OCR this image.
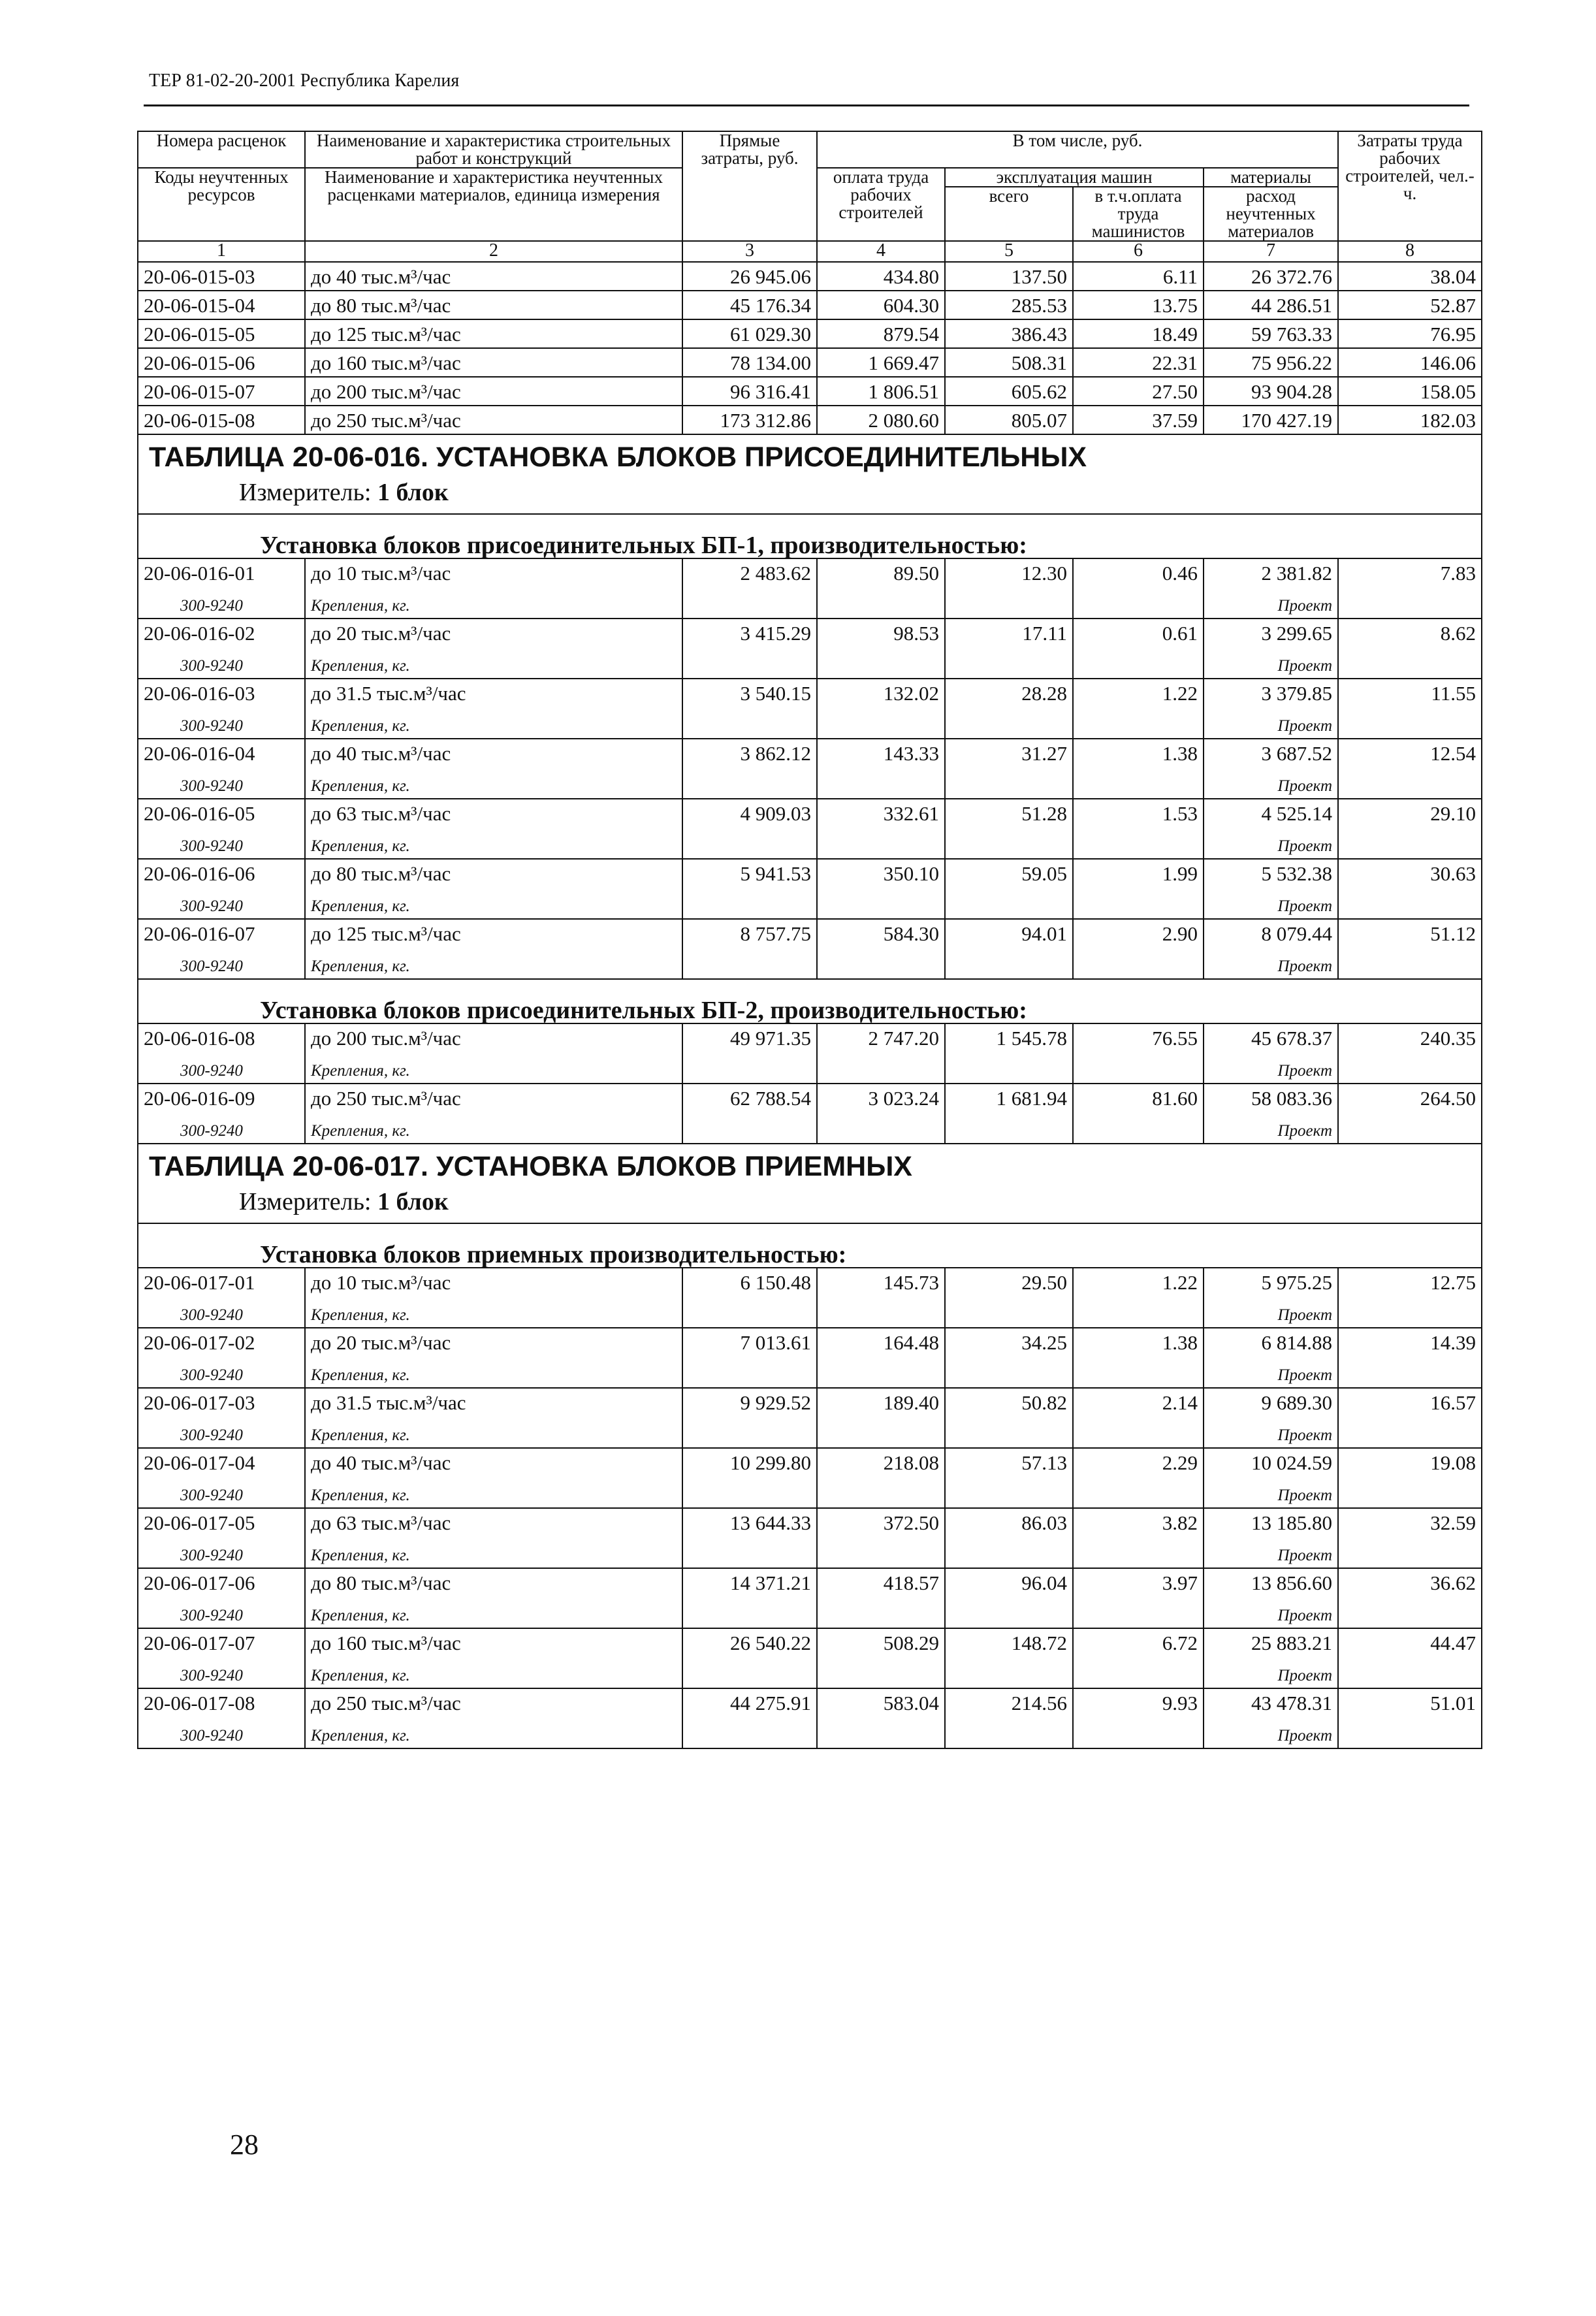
ТЕР 81-02-20-2001 Республика Карелия
Номера расценок	Наименование и характеристика строительных работ и конструкций	Прямые затраты, руб.	В том числе, руб.				Затраты труда рабочих строителей, чел.-ч.
Коды неучтенных ресурсов	Наименование и характеристика неучтенных расценками материалов, единица измерения		оплата труда рабочих строителей	эксплуатация машин		материалы	
				всего	в т.ч.оплата труда машинистов	расход неучтенных материалов	
1	2	3	4	5	6	7	8
20-06-015-03	до 40 тыс.м³/час	26 945.06	434.80	137.50	6.11	26 372.76	38.04
20-06-015-04	до 80 тыс.м³/час	45 176.34	604.30	285.53	13.75	44 286.51	52.87
20-06-015-05	до 125 тыс.м³/час	61 029.30	879.54	386.43	18.49	59 763.33	76.95
20-06-015-06	до 160 тыс.м³/час	78 134.00	1 669.47	508.31	22.31	75 956.22	146.06
20-06-015-07	до 200 тыс.м³/час	96 316.41	1 806.51	605.62	27.50	93 904.28	158.05
20-06-015-08	до 250 тыс.м³/час	173 312.86	2 080.60	805.07	37.59	170 427.19	182.03
ТАБЛИЦА 20-06-016. УСТАНОВКА БЛОКОВ ПРИСОЕДИНИТЕЛЬНЫХ							
Измеритель: 1 блок							
Установка блоков присоединительных БП-1, производительностью:							
20-06-016-01	до 10 тыс.м³/час	2 483.62	89.50	12.30	0.46	2 381.82	7.83
300-9240	Крепления, кг.					Проект	
20-06-016-02	до 20 тыс.м³/час	3 415.29	98.53	17.11	0.61	3 299.65	8.62
300-9240	Крепления, кг.					Проект	
20-06-016-03	до 31.5 тыс.м³/час	3 540.15	132.02	28.28	1.22	3 379.85	11.55
300-9240	Крепления, кг.					Проект	
20-06-016-04	до 40 тыс.м³/час	3 862.12	143.33	31.27	1.38	3 687.52	12.54
300-9240	Крепления, кг.					Проект	
20-06-016-05	до 63 тыс.м³/час	4 909.03	332.61	51.28	1.53	4 525.14	29.10
300-9240	Крепления, кг.					Проект	
20-06-016-06	до 80 тыс.м³/час	5 941.53	350.10	59.05	1.99	5 532.38	30.63
300-9240	Крепления, кг.					Проект	
20-06-016-07	до 125 тыс.м³/час	8 757.75	584.30	94.01	2.90	8 079.44	51.12
300-9240	Крепления, кг.					Проект	
Установка блоков присоединительных БП-2, производительностью:							
20-06-016-08	до 200 тыс.м³/час	49 971.35	2 747.20	1 545.78	76.55	45 678.37	240.35
300-9240	Крепления, кг.					Проект	
20-06-016-09	до 250 тыс.м³/час	62 788.54	3 023.24	1 681.94	81.60	58 083.36	264.50
300-9240	Крепления, кг.					Проект	
ТАБЛИЦА 20-06-017. УСТАНОВКА БЛОКОВ ПРИЕМНЫХ							
Измеритель: 1 блок							
Установка блоков приемных производительностью:							
20-06-017-01	до 10 тыс.м³/час	6 150.48	145.73	29.50	1.22	5 975.25	12.75
300-9240	Крепления, кг.					Проект	
20-06-017-02	до 20 тыс.м³/час	7 013.61	164.48	34.25	1.38	6 814.88	14.39
300-9240	Крепления, кг.					Проект	
20-06-017-03	до 31.5 тыс.м³/час	9 929.52	189.40	50.82	2.14	9 689.30	16.57
300-9240	Крепления, кг.					Проект	
20-06-017-04	до 40 тыс.м³/час	10 299.80	218.08	57.13	2.29	10 024.59	19.08
300-9240	Крепления, кг.					Проект	
20-06-017-05	до 63 тыс.м³/час	13 644.33	372.50	86.03	3.82	13 185.80	32.59
300-9240	Крепления, кг.					Проект	
20-06-017-06	до 80 тыс.м³/час	14 371.21	418.57	96.04	3.97	13 856.60	36.62
300-9240	Крепления, кг.					Проект	
20-06-017-07	до 160 тыс.м³/час	26 540.22	508.29	148.72	6.72	25 883.21	44.47
300-9240	Крепления, кг.					Проект	
20-06-017-08	до 250 тыс.м³/час	44 275.91	583.04	214.56	9.93	43 478.31	51.01
300-9240	Крепления, кг.					Проект	
28
